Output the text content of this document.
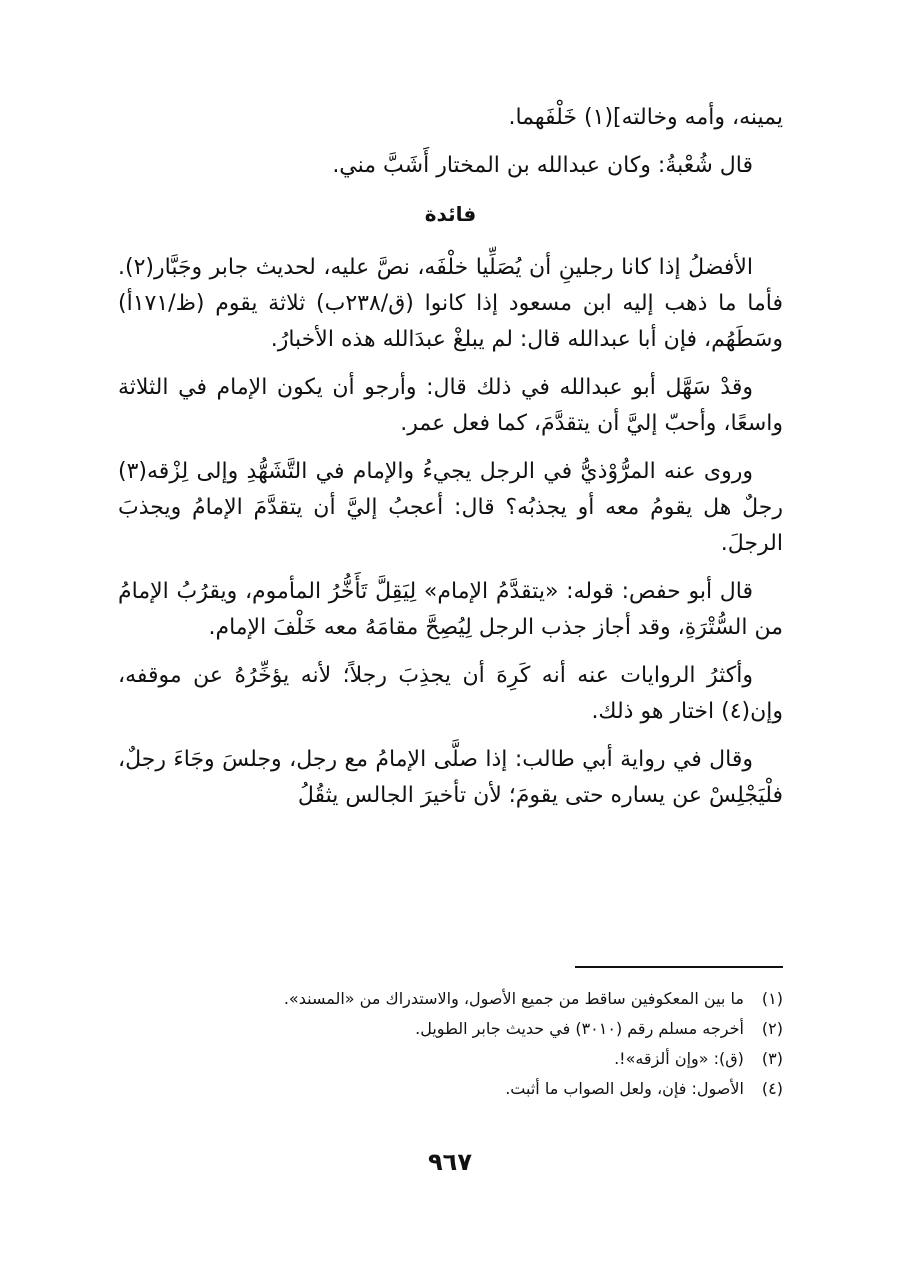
يمينه، وأمه وخالته](١) خَلْفَهما.

قال شُعْبةُ: وكان عبدالله بن المختار أَشَبَّ مني.

فائدة

الأفضلُ إذا كانا رجلينِ أن يُصَلِّيا خلْفَه، نصَّ عليه، لحديث جابر وجَبَّار(٢). فأما ما ذهب إليه ابن مسعود إذا كانوا (ق/٢٣٨ب) ثلاثة يقوم (ظ/١٧١أ) وسَطَهُم، فإن أبا عبدالله قال: لم يبلغْ عبدَالله هذه الأخبارُ.

وقدْ سَهَّل أبو عبدالله في ذلك قال: وأرجو أن يكون الإمام في الثلاثة واسعًا، وأحبّ إليَّ أن يتقدَّمَ، كما فعل عمر.

وروى عنه المرُّوْذيُّ في الرجل يجيءُ والإمام في التَّشَهُّدِ وإلى لِزْقه(٣) رجلٌ هل يقومُ معه أو يجذبُه؟ قال: أعجبُ إليَّ أن يتقدَّمَ الإمامُ ويجذبَ الرجلَ.

قال أبو حفص: قوله: «يتقدَّمُ الإمام» لِيَقِلَّ تَأَخُّرُ المأموم، ويقرُبُ الإمامُ من السُّتْرَةِ، وقد أجاز جذب الرجل لِيُصِحَّ مقامَهُ معه خَلْفَ الإمام.

وأكثرُ الروايات عنه أنه كَرِهَ أن يجذِبَ رجلاً؛ لأنه يؤخِّرُهُ عن موقفه، وإن(٤) اختار هو ذلك.

وقال في رواية أبي طالب: إذا صلَّى الإمامُ مع رجل، وجلسَ وجَاءَ رجلٌ، فلْيَجْلِسْ عن يساره حتى يقومَ؛ لأن تأخيرَ الجالس يثقُلُ

(١) ما بين المعكوفين ساقط من جميع الأصول، والاستدراك من «المسند».

(٢) أخرجه مسلم رقم (٣٠١٠) في حديث جابر الطويل.

(٣) (ق): «وإن ألزقه»!.

(٤) الأصول: فإن، ولعل الصواب ما أثبت.

٩٦٧
